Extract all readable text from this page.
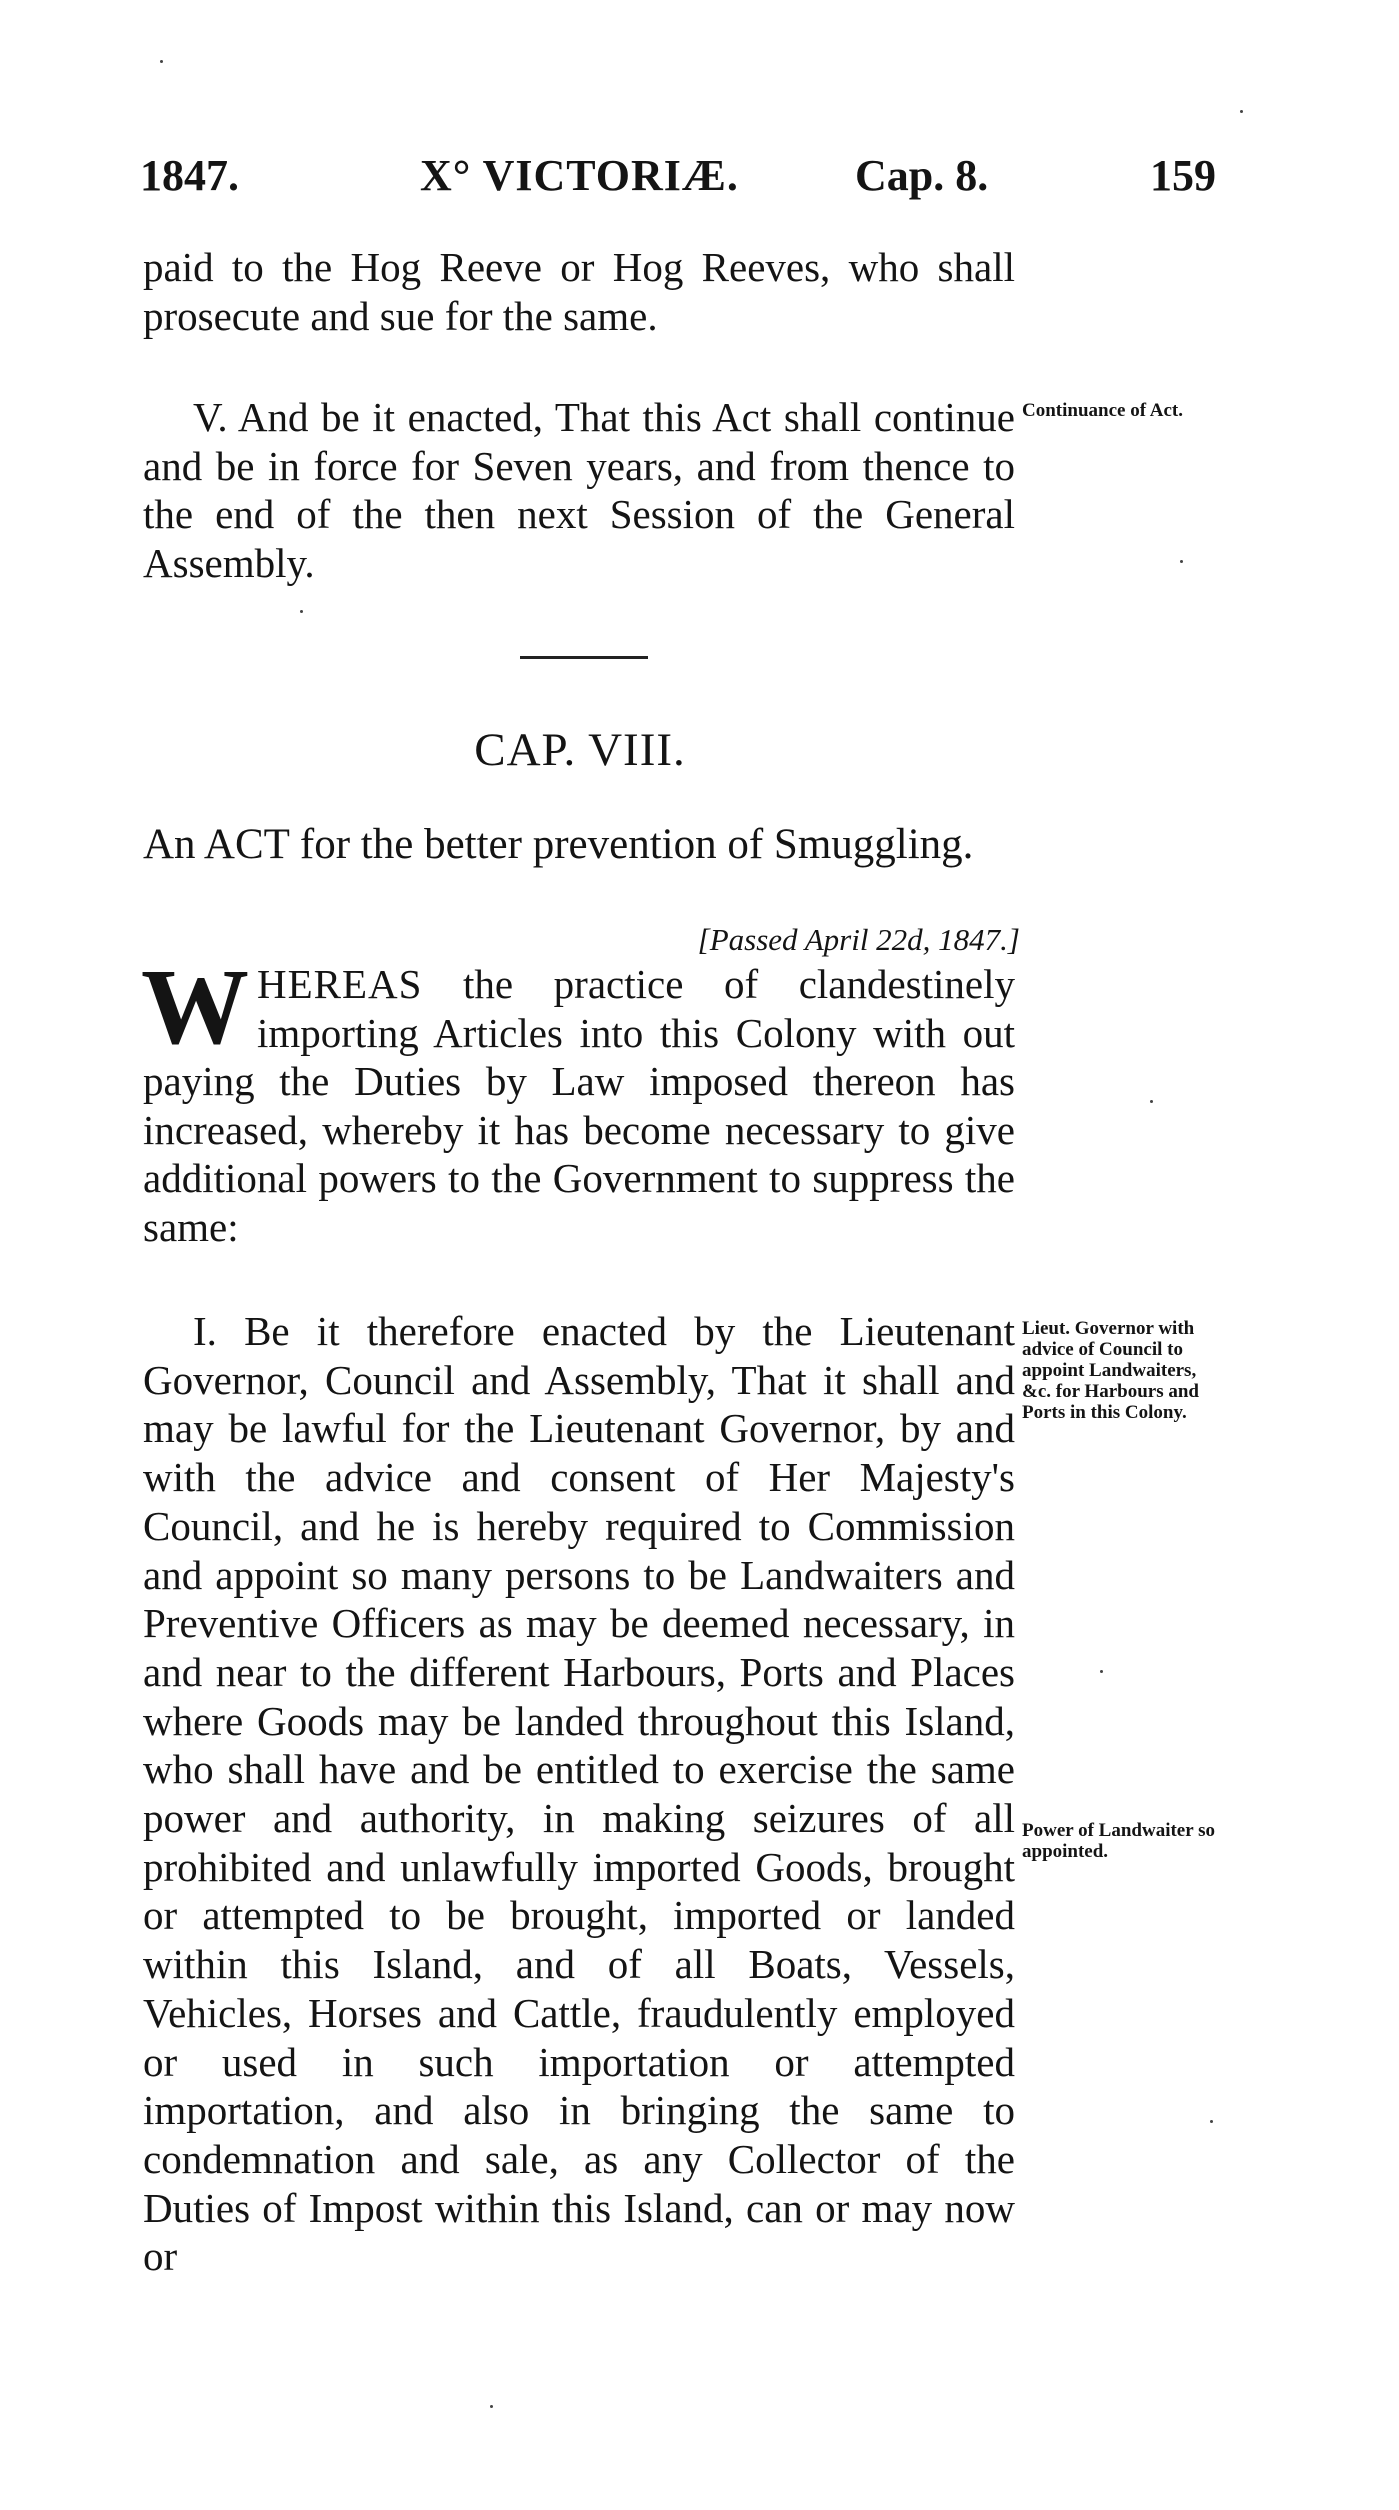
1847.	X° VICTORIÆ.	Cap. 8.	159
paid to the Hog Reeve or Hog Reeves, who shall prosecute and sue for the same.
V. And be it enacted, That this Act shall continue and be in force for Seven years, and from thence to the end of the then next Session of the General Assembly.
Continuance of Act.
CAP. VIII.
An ACT for the better prevention of Smuggling.
[Passed April 22d, 1847.]
W HEREAS the practice of clandestinely importing Articles into this Colony with out paying the Duties by Law imposed thereon has increased, whereby it has become necessary to give additional powers to the Government to suppress the same:
I. Be it therefore enacted by the Lieutenant Governor, Council and Assembly, That it shall and may be lawful for the Lieutenant Governor, by and with the advice and consent of Her Majesty's Council, and he is hereby required to Commission and appoint so many persons to be Landwaiters and Preventive Officers as may be deemed necessary, in and near to the different Harbours, Ports and Places where Goods may be landed throughout this Island, who shall have and be entitled to exercise the same power and authority, in making seizures of all prohibited and unlawfully imported Goods, brought or attempted to be brought, imported or landed within this Island, and of all Boats, Vessels, Vehicles, Horses and Cattle, fraudulently employed or used in such importation or attempted importation, and also in bringing the same to condemnation and sale, as any Collector of the Duties of Impost within this Island, can or may now or
Lieut. Governor with advice of Council to appoint Landwaiters, &c. for Harbours and Ports in this Colony.
Power of Landwaiter so appointed.
